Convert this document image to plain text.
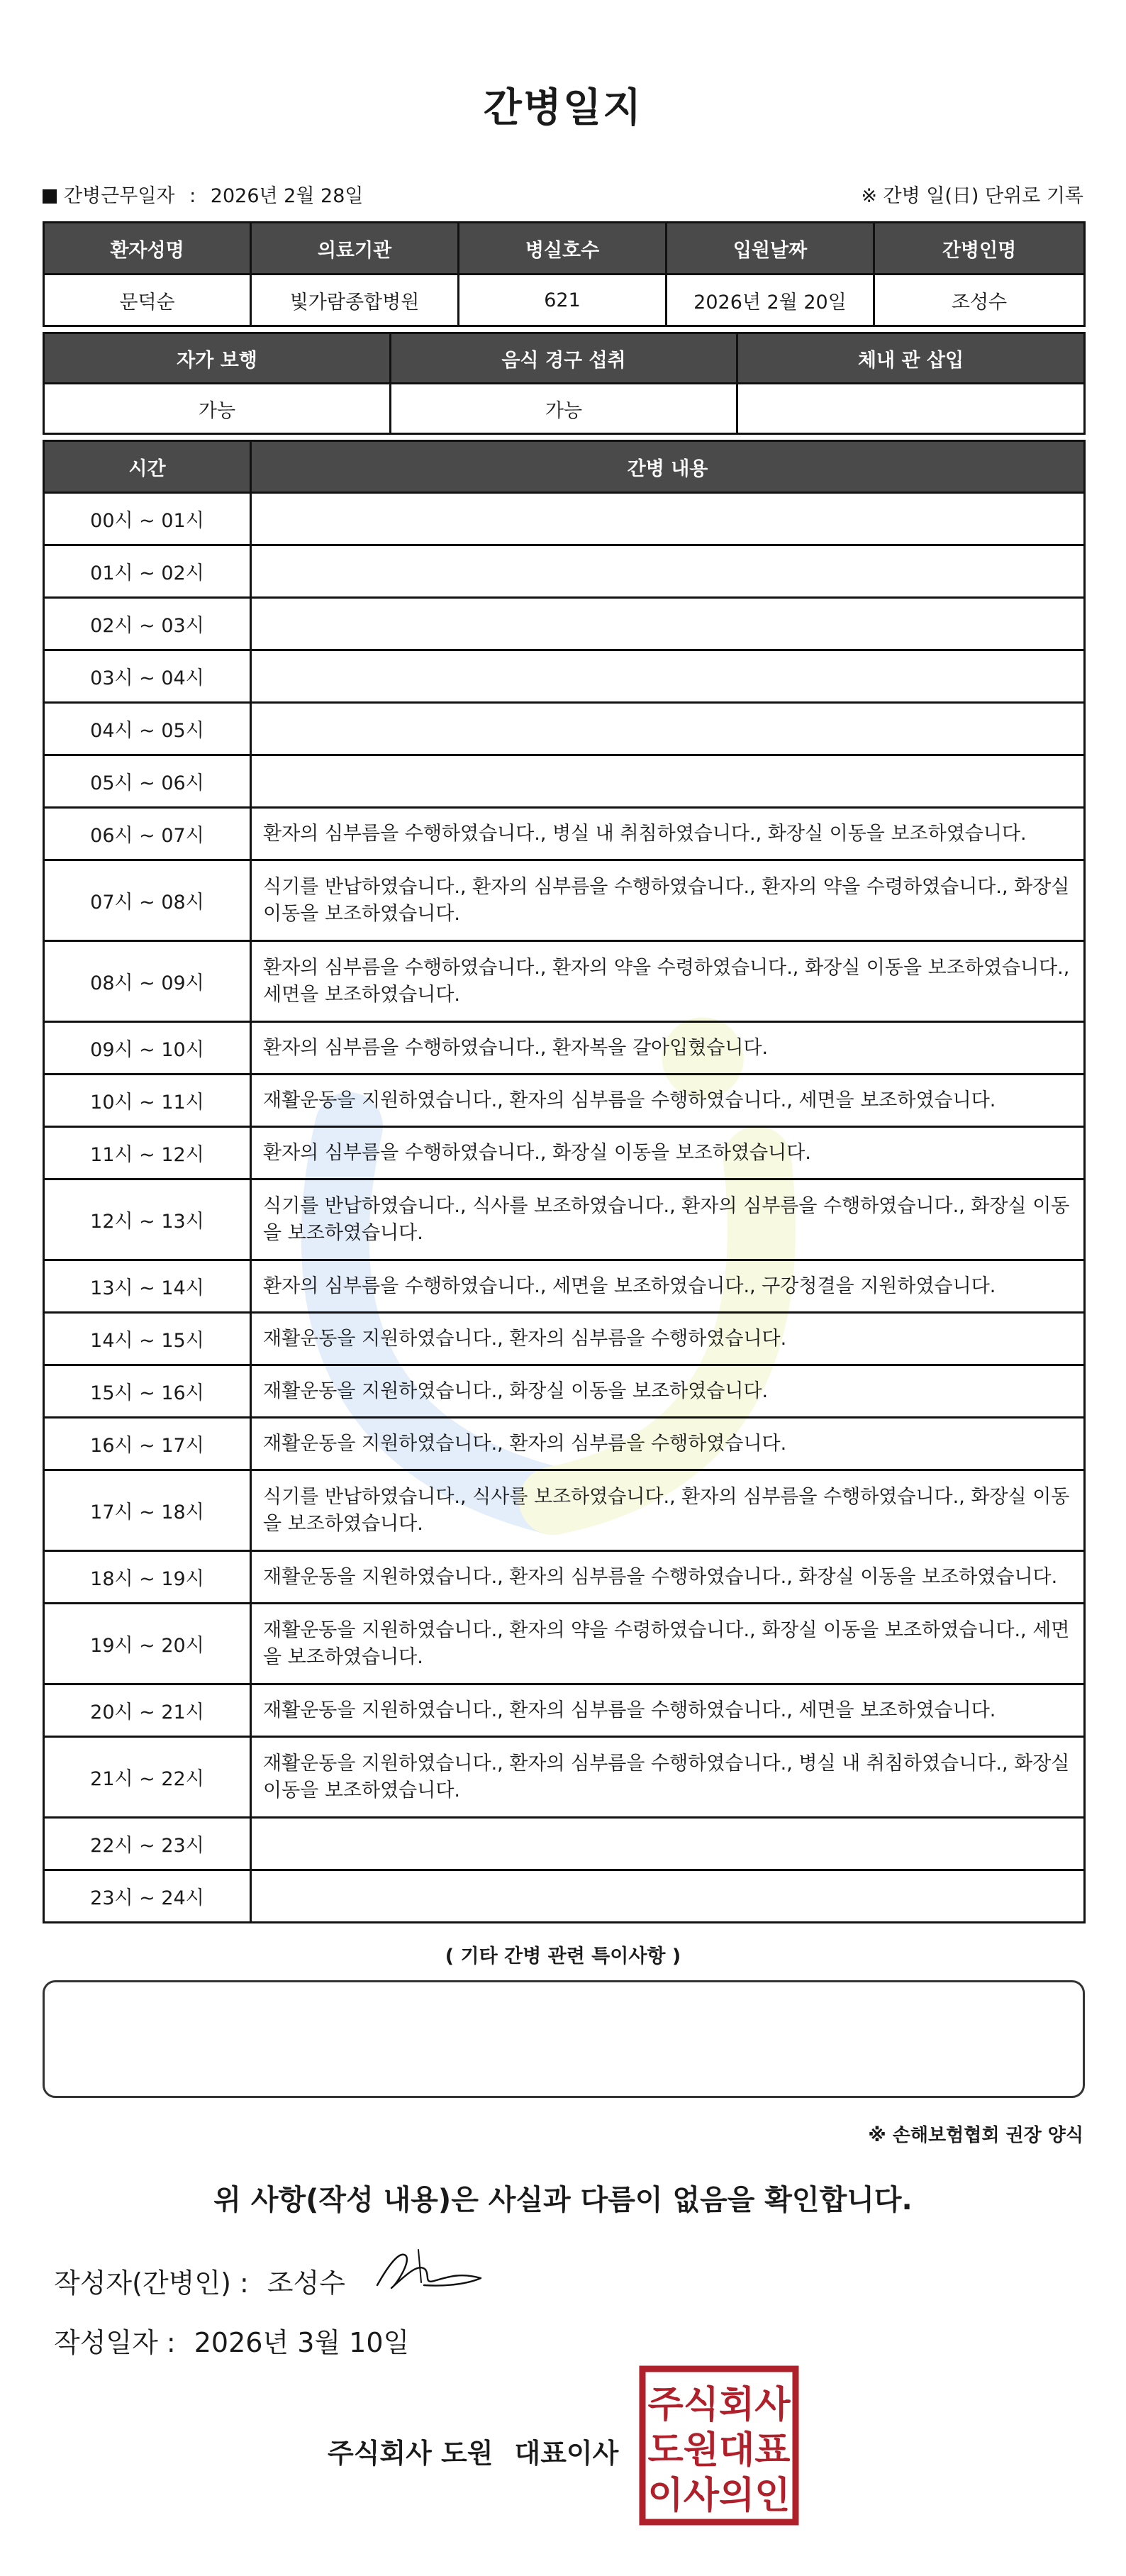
간병일지
간병근무일자 : 2026년 2월 28일	※ 간병 일(日) 단위로 기록
환자성명	의료기관	병실호수	입원날짜	간병인명
문덕순	빛가람종합병원	621	2026년 2월 20일	조성수
자가 보행	음식 경구 섭취	체내 관 삽입
가능	가능	
시간	간병 내용
00시 ~ 01시	
01시 ~ 02시	
02시 ~ 03시	
03시 ~ 04시	
04시 ~ 05시	
05시 ~ 06시	
06시 ~ 07시	환자의 심부름을 수행하였습니다., 병실 내 취침하였습니다., 화장실 이동을 보조하였습니다.
07시 ~ 08시	식기를 반납하였습니다., 환자의 심부름을 수행하였습니다., 환자의 약을 수령하였습니다., 화장실 이동을 보조하였습니다.
08시 ~ 09시	환자의 심부름을 수행하였습니다., 환자의 약을 수령하였습니다., 화장실 이동을 보조하였습니다., 세면을 보조하였습니다.
09시 ~ 10시	환자의 심부름을 수행하였습니다., 환자복을 갈아입혔습니다.
10시 ~ 11시	재활운동을 지원하였습니다., 환자의 심부름을 수행하였습니다., 세면을 보조하였습니다.
11시 ~ 12시	환자의 심부름을 수행하였습니다., 화장실 이동을 보조하였습니다.
12시 ~ 13시	식기를 반납하였습니다., 식사를 보조하였습니다., 환자의 심부름을 수행하였습니다., 화장실 이동을 보조하였습니다.
13시 ~ 14시	환자의 심부름을 수행하였습니다., 세면을 보조하였습니다., 구강청결을 지원하였습니다.
14시 ~ 15시	재활운동을 지원하였습니다., 환자의 심부름을 수행하였습니다.
15시 ~ 16시	재활운동을 지원하였습니다., 화장실 이동을 보조하였습니다.
16시 ~ 17시	재활운동을 지원하였습니다., 환자의 심부름을 수행하였습니다.
17시 ~ 18시	식기를 반납하였습니다., 식사를 보조하였습니다., 환자의 심부름을 수행하였습니다., 화장실 이동을 보조하였습니다.
18시 ~ 19시	재활운동을 지원하였습니다., 환자의 심부름을 수행하였습니다., 화장실 이동을 보조하였습니다.
19시 ~ 20시	재활운동을 지원하였습니다., 환자의 약을 수령하였습니다., 화장실 이동을 보조하였습니다., 세면을 보조하였습니다.
20시 ~ 21시	재활운동을 지원하였습니다., 환자의 심부름을 수행하였습니다., 세면을 보조하였습니다.
21시 ~ 22시	재활운동을 지원하였습니다., 환자의 심부름을 수행하였습니다., 병실 내 취침하였습니다., 화장실 이동을 보조하였습니다.
22시 ~ 23시	
23시 ~ 24시	
( 기타 간병 관련 특이사항 )
※ 손해보험협회 권장 양식
위 사항(작성 내용)은 사실과 다름이 없음을 확인합니다.
작성자(간병인) : 조성수
작성일자 : 2026년 3월 10일
주식회사 도원 대표이사
주식회사
도원대표
이사의인
